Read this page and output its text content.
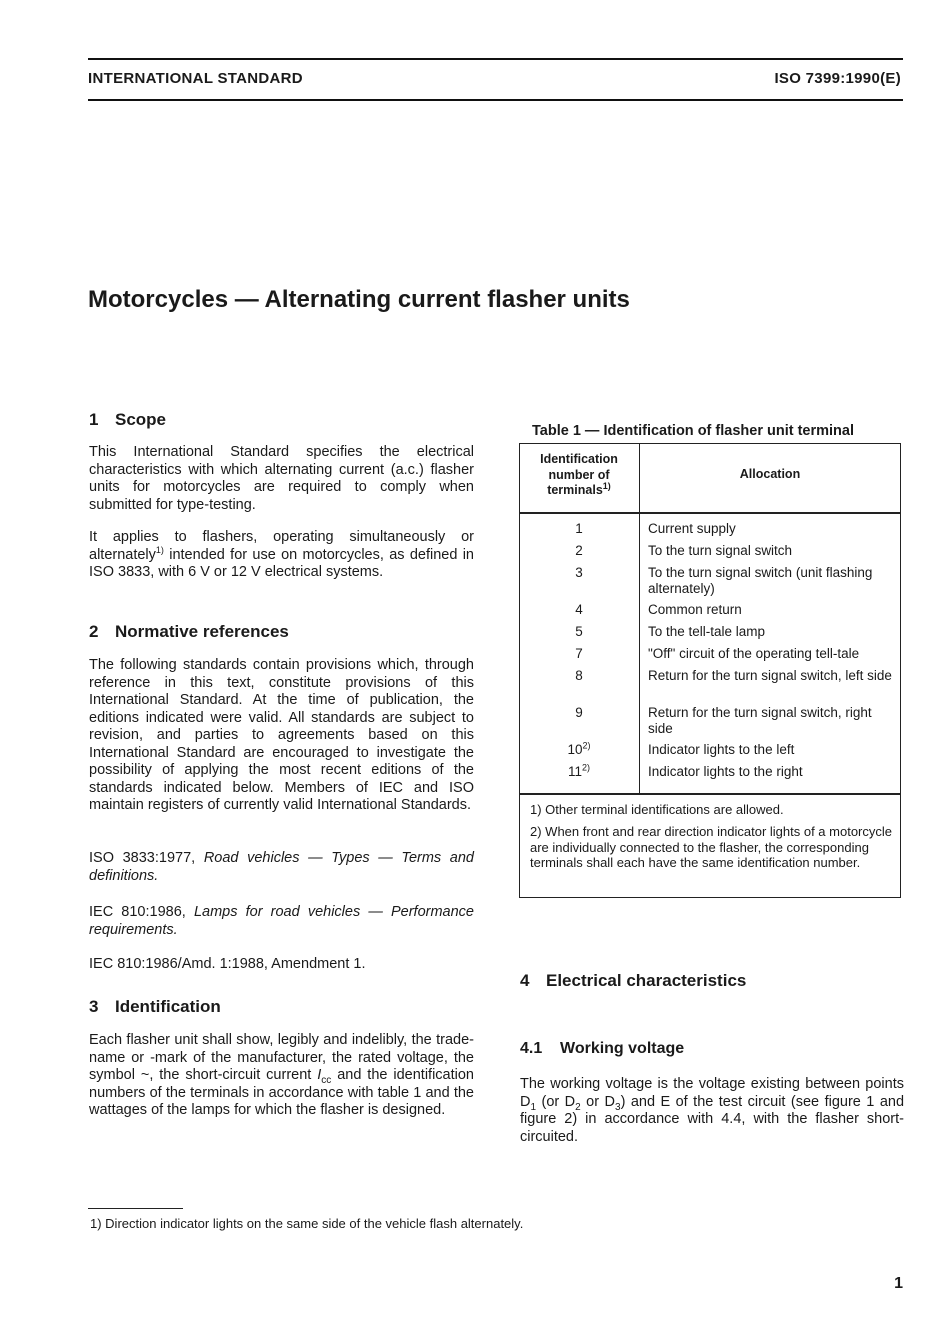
INTERNATIONAL STANDARD	ISO 7399:1990(E)
Motorcycles — Alternating current flasher units
1 Scope

This International Standard specifies the electrical characteristics with which alternating current (a.c.) flasher units for motorcycles are required to comply when submitted for type-testing.

It applies to flashers, operating simultaneously or alternately$^{1)}$ intended for use on motorcycles, as defined in ISO 3833, with 6 V or 12 V electrical systems.

2 Normative references

The following standards contain provisions which, through reference in this text, constitute provisions of this International Standard. At the time of publication, the editions indicated were valid. All standards are subject to revision, and parties to agreements based on this International Standard are encouraged to investigate the possibility of applying the most recent editions of the standards indicated below. Members of IEC and ISO maintain registers of currently valid International Standards.

ISO 3833:1977, Road vehicles — Types — Terms and definitions.

IEC 810:1986, Lamps for road vehicles — Performance requirements.

IEC 810:1986/Amd. 1:1988, Amendment 1.

3 Identification

Each flasher unit shall show, legibly and indelibly, the trade-name or -mark of the manufacturer, the rated voltage, the symbol ~, the short-circuit current $I_{cc}$ and the identification numbers of the terminals in accordance with table 1 and the wattages of the lamps for which the flasher is designed.

Table 1 — Identification of flasher unit terminal
Identification
number of
terminals$^{1)}$
Allocation
1	Current supply
2	To the turn signal switch
3	To the turn signal switch (unit flashing alternately)
4	Common return
5	To the tell-tale lamp
7	"Off" circuit of the operating tell-tale
8	Return for the turn signal switch, left side
9	Return for the turn signal switch, right side
10$^{2)}$	Indicator lights to the left
11$^{2)}$	Indicator lights to the right
1) Other terminal identifications are allowed.
2) When front and rear direction indicator lights of a motorcycle are individually connected to the flasher, the corresponding terminals shall each have the same identification number.
4 Electrical characteristics
4.1 Working voltage

The working voltage is the voltage existing between points $D_1$ (or $D_2$ or $D_3$) and E of the test circuit (see figure 1 and figure 2) in accordance with 4.4, with the flasher short-circuited.

1) Direction indicator lights on the same side of the vehicle flash alternately.
1
